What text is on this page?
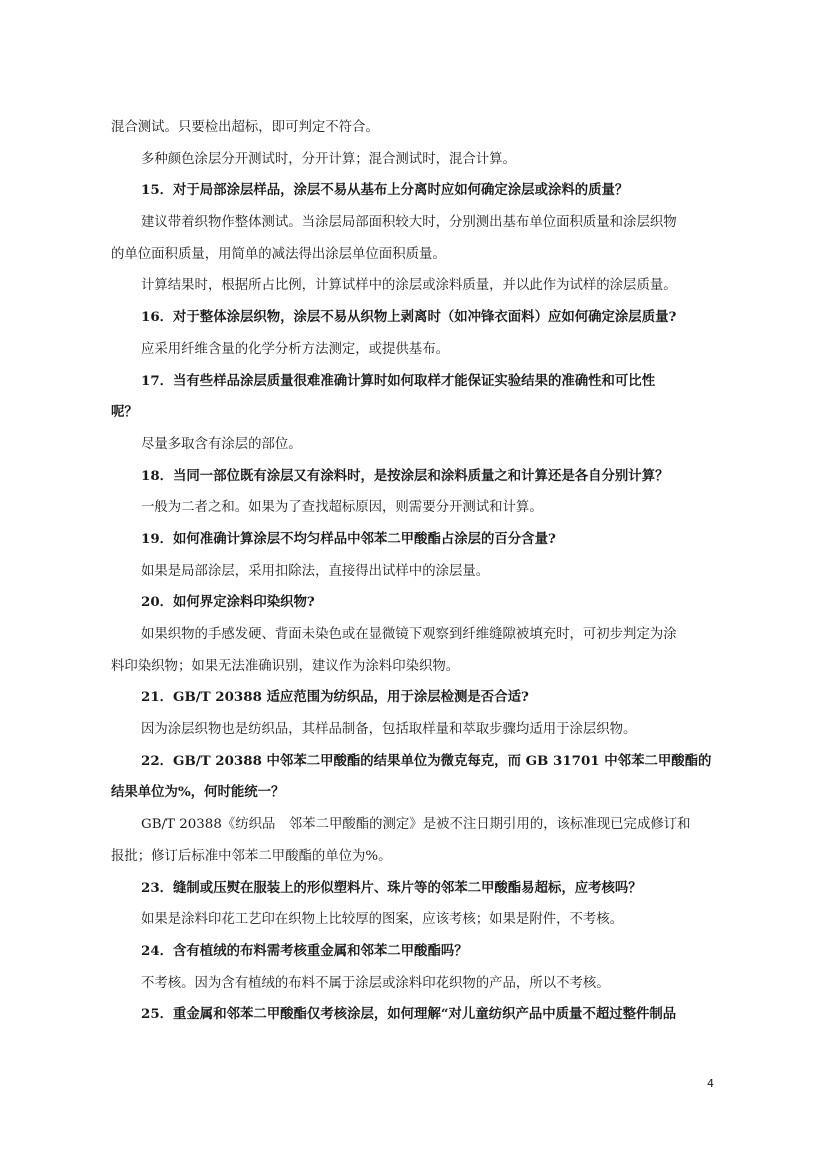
混合测试。只要检出超标，即可判定不符合。
多种颜色涂层分开测试时，分开计算；混合测试时，混合计算。
15．对于局部涂层样品，涂层不易从基布上分离时应如何确定涂层或涂料的质量？
建议带着织物作整体测试。当涂层局部面积较大时，分别测出基布单位面积质量和涂层织物
的单位面积质量，用简单的减法得出涂层单位面积质量。
计算结果时，根据所占比例，计算试样中的涂层或涂料质量，并以此作为试样的涂层质量。
16．对于整体涂层织物，涂层不易从织物上剥离时（如冲锋衣面料）应如何确定涂层质量?
应采用纤维含量的化学分析方法测定，或提供基布。
17．当有些样品涂层质量很难准确计算时如何取样才能保证实验结果的准确性和可比性
呢？
尽量多取含有涂层的部位。
18．当同一部位既有涂层又有涂料时，是按涂层和涂料质量之和计算还是各自分别计算？
一般为二者之和。如果为了查找超标原因，则需要分开测试和计算。
19．如何准确计算涂层不均匀样品中邻苯二甲酸酯占涂层的百分含量?
如果是局部涂层，采用扣除法，直接得出试样中的涂层量。
20．如何界定涂料印染织物?
如果织物的手感发硬、背面未染色或在显微镜下观察到纤维缝隙被填充时，可初步判定为涂
料印染织物；如果无法准确识别，建议作为涂料印染织物。
21．GB/T 20388 适应范围为纺织品，用于涂层检测是否合适?
因为涂层织物也是纺织品，其样品制备，包括取样量和萃取步骤均适用于涂层织物。
22．GB/T 20388 中邻苯二甲酸酯的结果单位为微克每克，而 GB 31701 中邻苯二甲酸酯的
结果单位为%，何时能统一？
GB/T 20388《纺织品　邻苯二甲酸酯的测定》是被不注日期引用的，该标准现已完成修订和
报批；修订后标准中邻苯二甲酸酯的单位为%。
23．缝制或压熨在服装上的形似塑料片、珠片等的邻苯二甲酸酯易超标，应考核吗？
如果是涂料印花工艺印在织物上比较厚的图案，应该考核；如果是附件，不考核。
24．含有植绒的布料需考核重金属和邻苯二甲酸酯吗？
不考核。因为含有植绒的布料不属于涂层或涂料印花织物的产品，所以不考核。
25．重金属和邻苯二甲酸酯仅考核涂层，如何理解“对儿童纺织产品中质量不超过整件制品
4
